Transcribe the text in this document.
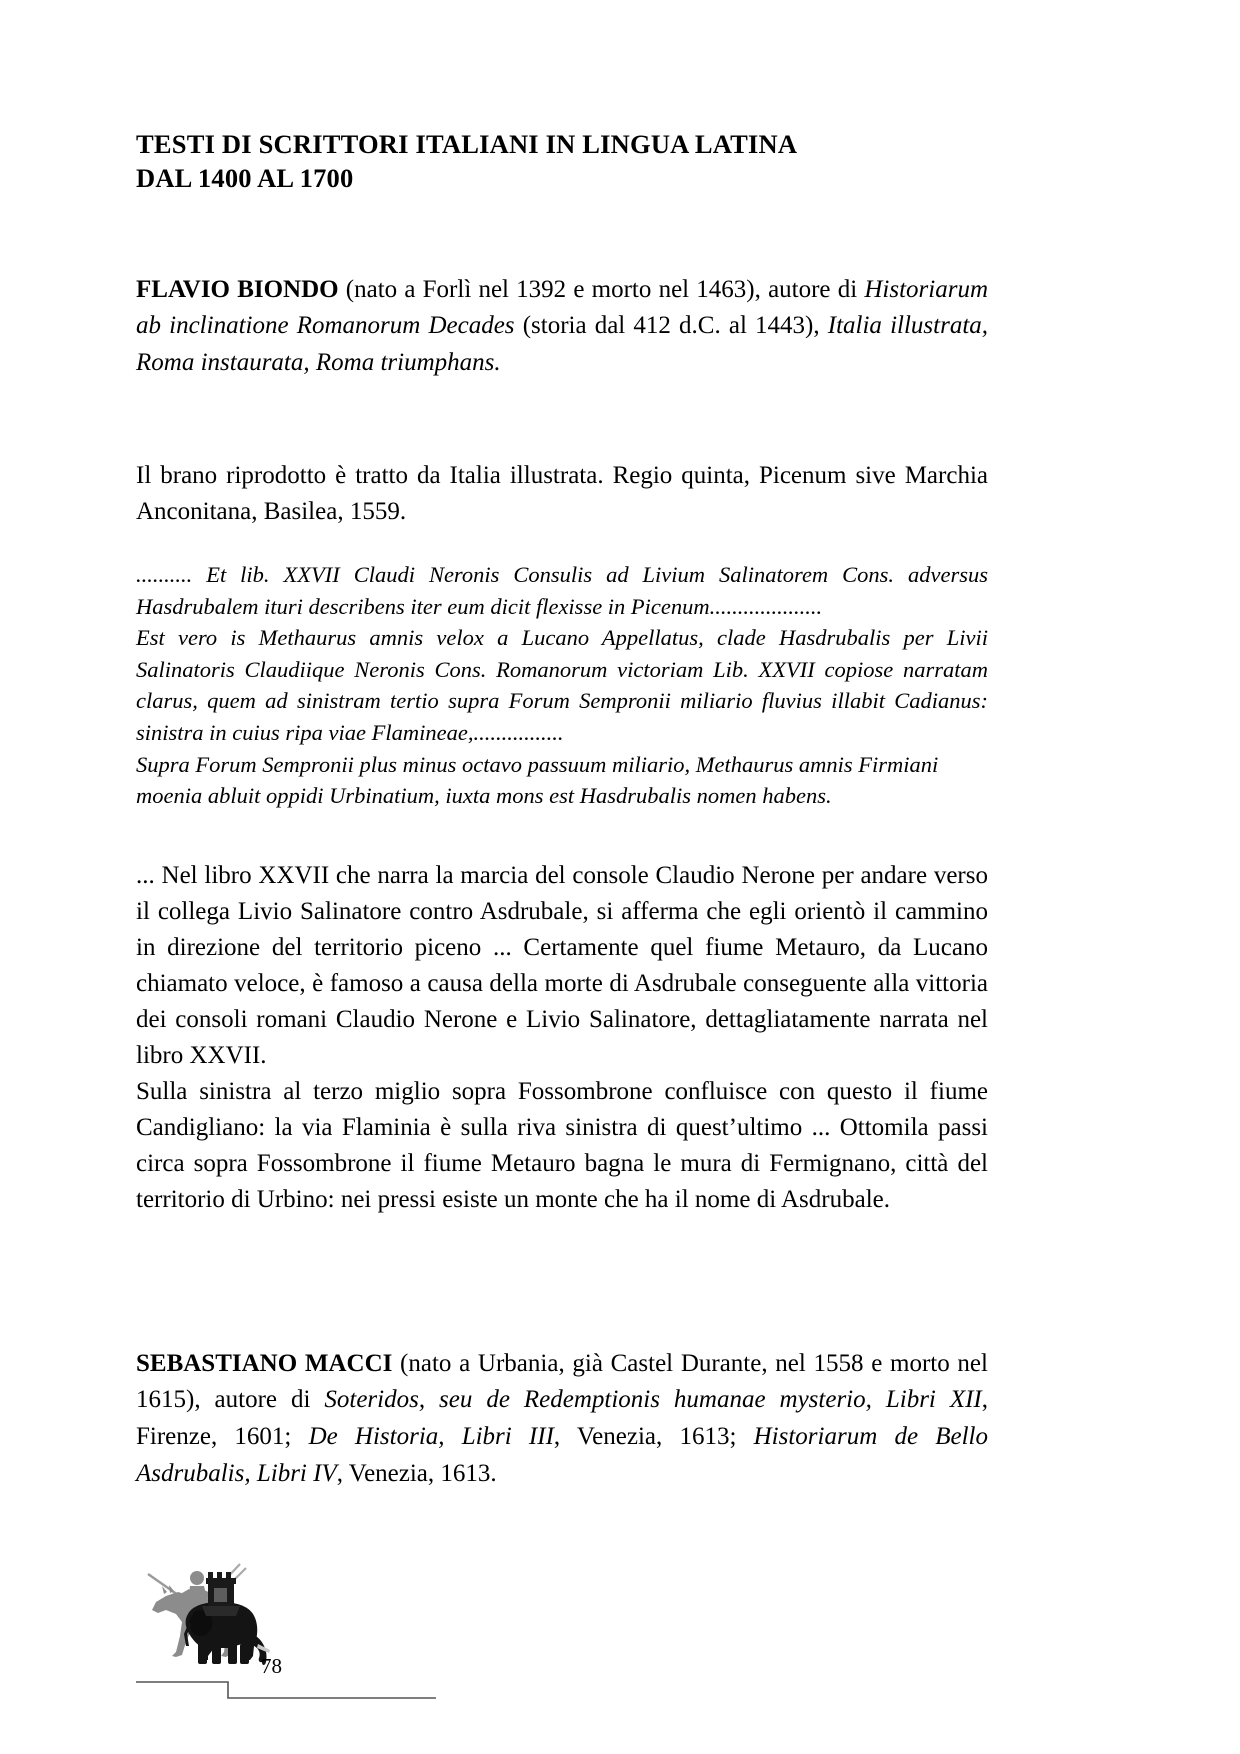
TESTI DI SCRITTORI ITALIANI IN LINGUA LATINA
DAL 1400 AL 1700

FLAVIO BIONDO (nato a Forlì nel 1392 e morto nel 1463), autore di Historiarum ab inclinatione Romanorum Decades (storia dal 412 d.C. al 1443), Italia illustrata, Roma instaurata, Roma triumphans.

Il brano riprodotto è tratto da Italia illustrata. Regio quinta, Picenum sive Marchia Anconitana, Basilea, 1559.

.......... Et lib. XXVII Claudi Neronis Consulis ad Livium Salinatorem Cons. adversus Hasdrubalem ituri describens iter eum dicit flexisse in Picenum....................

Est vero is Methaurus amnis velox a Lucano Appellatus, clade Hasdrubalis per Livii Salinatoris Claudiique Neronis Cons. Romanorum victoriam Lib. XXVII copiose narratam clarus, quem ad sinistram tertio supra Forum Sempronii miliario fluvius illabit Cadianus: sinistra in cuius ripa viae Flamineae,................

Supra Forum Sempronii plus minus octavo passuum miliario, Methaurus amnis Firmiani moenia abluit oppidi Urbinatium, iuxta mons est Hasdrubalis nomen habens.

... Nel libro XXVII che narra la marcia del console Claudio Nerone per andare verso il collega Livio Salinatore contro Asdrubale, si afferma che egli orientò il cammino in direzione del territorio piceno ... Certamente quel fiume Metauro, da Lucano chiamato veloce, è famoso a causa della morte di Asdrubale conseguente alla vittoria dei consoli romani Claudio Nerone e Livio Salinatore, dettagliatamente narrata nel libro XXVII.

Sulla sinistra al terzo miglio sopra Fossombrone confluisce con questo il fiume Candigliano: la via Flaminia è sulla riva sinistra di quest’ultimo ... Ottomila passi circa sopra Fossombrone il fiume Metauro bagna le mura di Fermignano, città del territorio di Urbino: nei pressi esiste un monte che ha il nome di Asdrubale.

SEBASTIANO MACCI (nato a Urbania, già Castel Durante, nel 1558 e morto nel 1615), autore di Soteridos, seu de Redemptionis humanae mysterio, Libri XII, Firenze, 1601; De Historia, Libri III, Venezia, 1613; Historiarum de Bello Asdrubalis, Libri IV, Venezia, 1613.

78
